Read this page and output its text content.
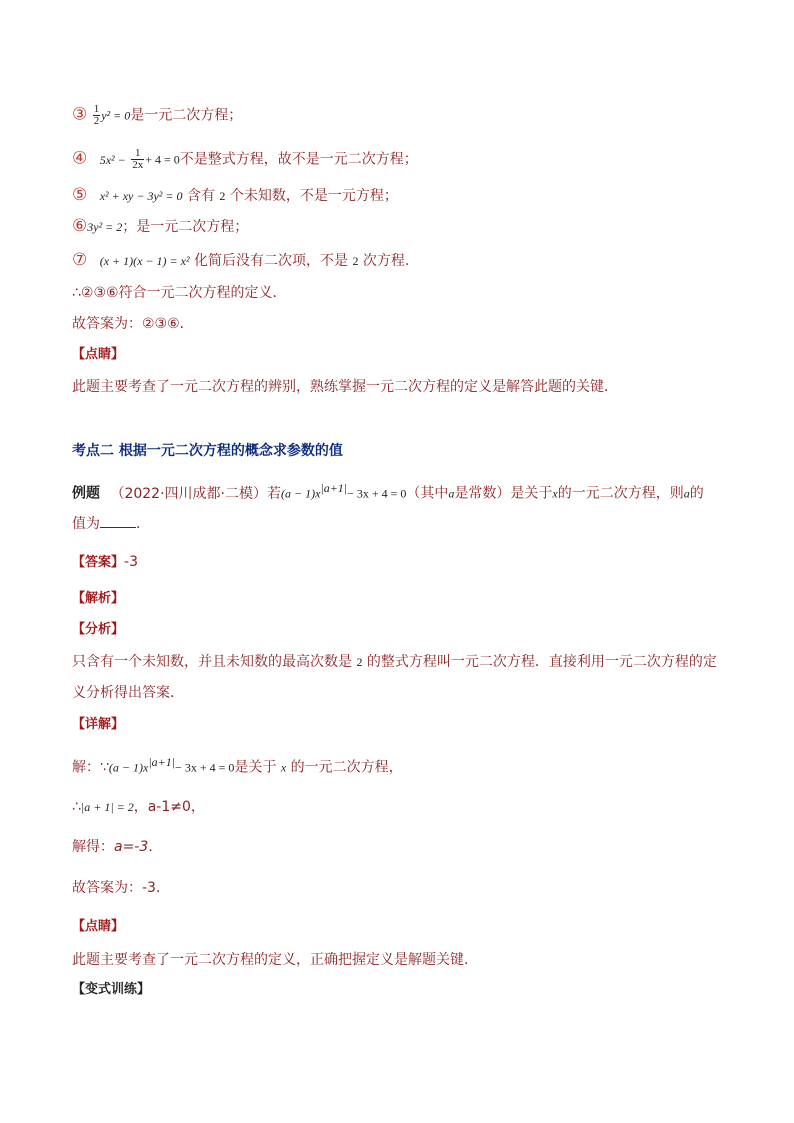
③ $\frac{1}{2} y^2 = 0$是一元二次方程；
④ $5x^2 - \frac{1}{2x} + 4 = 0$不是整式方程，故不是一元二次方程；
⑤ x² + xy − 3y² = 0 含有 2 个未知数，不是一元方程；
⑥3y² = 2；是一元二次方程；
⑦ (x + 1)(x − 1) = x² 化简后没有二次项，不是 2 次方程.
∴②③⑥符合一元二次方程的定义．
故答案为：②③⑥．
【点睛】
此题主要考查了一元二次方程的辨别，熟练掌握一元二次方程的定义是解答此题的关键．
考点二 根据一元二次方程的概念求参数的值
例题 （2022·四川成都·二模）若$(a - 1)x^{|a+1|}- 3x + 4 = 0$（其中a是常数）是关于x的一元二次方程，则a的
值为	．
【答案】-3
【解析】
【分析】
只含有一个未知数，并且未知数的最高次数是 2 的整式方程叫一元二次方程．直接利用一元二次方程的定
义分析得出答案．
【详解】
解：∵(a − $1)x^{|a+1|}- 3x + 4 = 0$是关于 x 的一元二次方程，
∴|a + 1| = 2，a-1≠0，
解得：a=-3．
故答案为：-3．
【点睛】
此题主要考查了一元二次方程的定义，正确把握定义是解题关键．
【变式训练】
